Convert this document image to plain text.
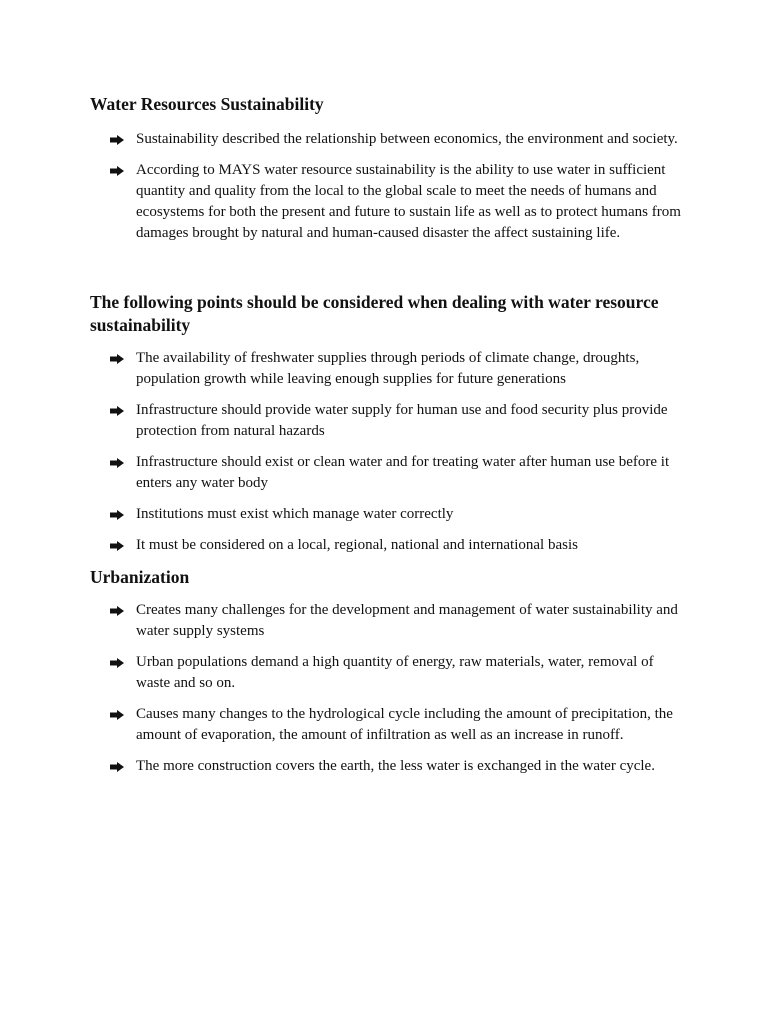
Water Resources Sustainability
Sustainability described the relationship between economics, the environment and society.
According to MAYS water resource sustainability is the ability to use water in sufficient quantity and quality from the local to the global scale to meet the needs of humans and ecosystems for both the present and future to sustain life as well as to protect humans from damages brought by natural and human-caused disaster the affect sustaining life.
The following points should be considered when dealing with water resource sustainability
The availability of freshwater supplies through periods of climate change, droughts, population growth while leaving enough supplies for future generations
Infrastructure should provide water supply for human use and food security plus provide protection from natural hazards
Infrastructure should exist or clean water and for treating water after human use before it enters any water body
Institutions must exist which manage water correctly
It must be considered on a local, regional, national and international basis
Urbanization
Creates many challenges for the development and management of water sustainability and water supply systems
Urban populations demand a high quantity of energy, raw materials, water, removal of waste and so on.
Causes many changes to the hydrological cycle including the amount of precipitation, the amount of evaporation, the amount of infiltration as well as an increase in runoff.
The more construction covers the earth, the less water is exchanged in the water cycle.
